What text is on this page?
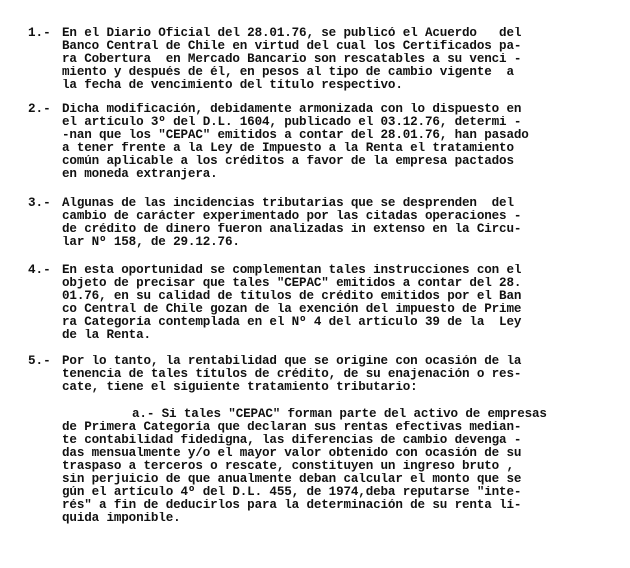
1.- En el Diario Oficial del 28.01.76, se publicó el Acuerdo   del
Banco Central de Chile en virtud del cual los Certificados pa-
ra Cobertura  en Mercado Bancario son rescatables a su venci -
miento y después de él, en pesos al tipo de cambio vigente  a
la fecha de vencimiento del título respectivo.
2.- Dicha modificación, debidamente armonizada con lo dispuesto en
el artículo 3º del D.L. 1604, publicado el 03.12.76, determi -
-nan que los "CEPAC" emitidos a contar del 28.01.76, han pasado
a tener frente a la Ley de Impuesto a la Renta el tratamiento
común aplicable a los créditos a favor de la empresa pactados
en moneda extranjera.
3.- Algunas de las incidencias tributarias que se desprenden  del
cambio de carácter experimentado por las citadas operaciones -
de crédito de dinero fueron analizadas in extenso en la Circu-
lar Nº 158, de 29.12.76.
4.- En esta oportunidad se complementan tales instrucciones con el
objeto de precisar que tales "CEPAC" emitidos a contar del 28.
01.76, en su calidad de títulos de crédito emitidos por el Ban
co Central de Chile gozan de la exención del impuesto de Prime
ra Categoría contemplada en el Nº 4 del artículo 39 de la  Ley
de la Renta.
5.- Por lo tanto, la rentabilidad que se origine con ocasión de la
tenencia de tales títulos de crédito, de su enajenación o res-
cate, tiene el siguiente tratamiento tributario:
a.- Si tales "CEPAC" forman parte del activo de empresas
de Primera Categoría que declaran sus rentas efectivas median-
te contabilidad fidedigna, las diferencias de cambio devenga -
das mensualmente y/o el mayor valor obtenido con ocasión de su
traspaso a terceros o rescate, constituyen un ingreso bruto ,
sin perjuicio de que anualmente deban calcular el monto que se
gún el artículo 4º del D.L. 455, de 1974,deba reputarse "inte-
rés" a fin de deducirlos para la determinación de su renta lí-
quida imponible.
